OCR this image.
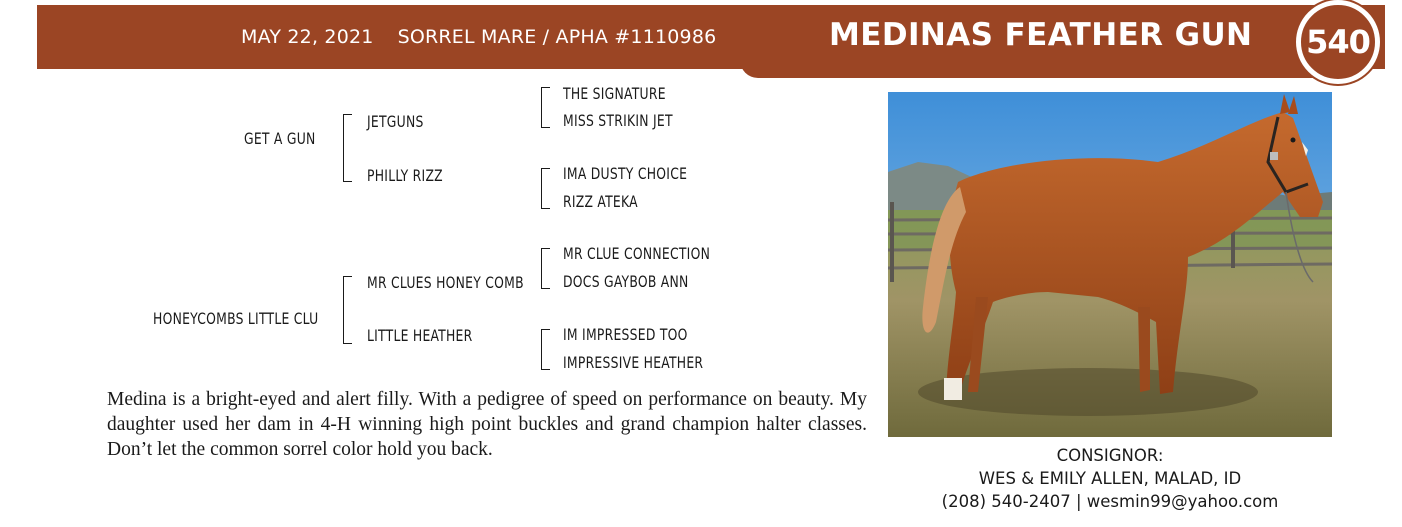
MAY 22, 2021 SORREL MARE / APHA #1110986	MEDINAS FEATHER GUN 540
GET A GUN
HONEYCOMBS LITTLE CLU
JETGUNS
PHILLY RIZZ
MR CLUES HONEY COMB
LITTLE HEATHER
THE SIGNATURE
MISS STRIKIN JET
IMA DUSTY CHOICE
RIZZ ATEKA
MR CLUE CONNECTION
DOCS GAYBOB ANN
IM IMPRESSED TOO
IMPRESSIVE HEATHER
Medina is a bright-eyed and alert filly. With a pedigree of speed on performance on beauty. My daughter used her dam in 4-H winning high point buckles and grand champion halter classes. Don’t let the common sorrel color hold you back.	CONSIGNOR:
WES & EMILY ALLEN, MALAD, ID
(208) 540-2407 | wesmin99@yahoo.com
